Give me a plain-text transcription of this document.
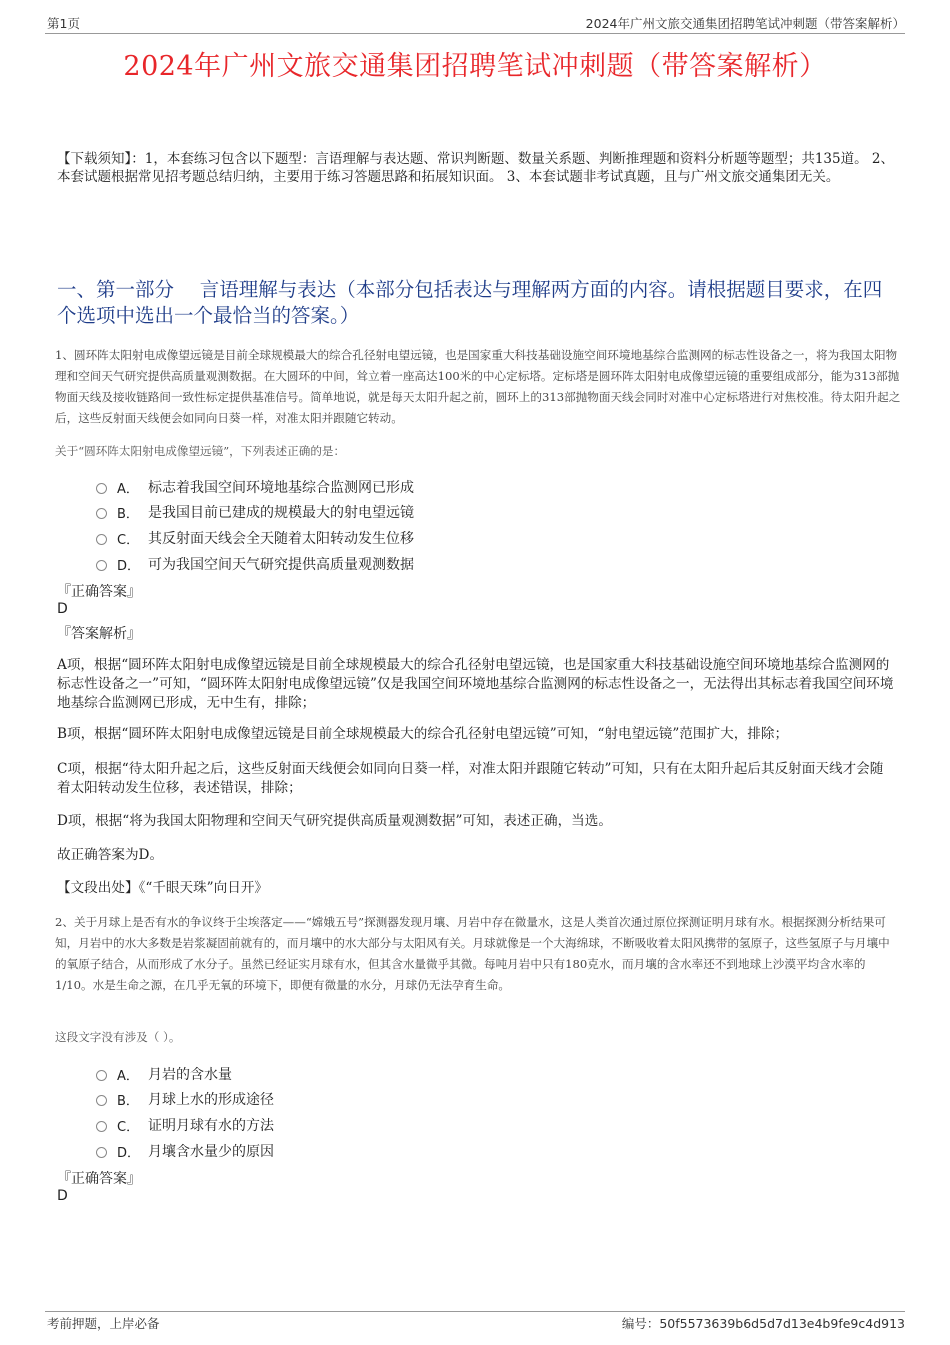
第1页	2024年广州文旅交通集团招聘笔试冲刺题（带答案解析）
2024年广州文旅交通集团招聘笔试冲刺题（带答案解析）
【下载须知】：1，本套练习包含以下题型：言语理解与表达题、常识判断题、数量关系题、判断推理题和资料分析题等题型；共135道。 2、本套试题根据常见招考题总结归纳，主要用于练习答题思路和拓展知识面。 3、本套试题非考试真题，且与广州文旅交通集团无关。
一、第一部分　 言语理解与表达（本部分包括表达与理解两方面的内容。请根据题目要求，在四个选项中选出一个最恰当的答案。）
1、圆环阵太阳射电成像望远镜是目前全球规模最大的综合孔径射电望远镜，也是国家重大科技基础设施空间环境地基综合监测网的标志性设备之一，将为我国太阳物理和空间天气研究提供高质量观测数据。在大圆环的中间，耸立着一座高达100米的中心定标塔。定标塔是圆环阵太阳射电成像望远镜的重要组成部分，能为313部抛物面天线及接收链路间一致性标定提供基准信号。简单地说，就是每天太阳升起之前，圆环上的313部抛物面天线会同时对准中心定标塔进行对焦校准。待太阳升起之后，这些反射面天线便会如同向日葵一样，对准太阳并跟随它转动。
关于“圆环阵太阳射电成像望远镜”，下列表述正确的是：
A． 标志着我国空间环境地基综合监测网已形成
B． 是我国目前已建成的规模最大的射电望远镜
C． 其反射面天线会全天随着太阳转动发生位移
D． 可为我国空间天气研究提供高质量观测数据
『正确答案』
D
『答案解析』
A项，根据“圆环阵太阳射电成像望远镜是目前全球规模最大的综合孔径射电望远镜，也是国家重大科技基础设施空间环境地基综合监测网的标志性设备之一”可知，“圆环阵太阳射电成像望远镜”仅是我国空间环境地基综合监测网的标志性设备之一，无法得出其标志着我国空间环境地基综合监测网已形成，无中生有，排除；
B项，根据“圆环阵太阳射电成像望远镜是目前全球规模最大的综合孔径射电望远镜”可知，“射电望远镜”范围扩大，排除；
C项，根据“待太阳升起之后，这些反射面天线便会如同向日葵一样，对准太阳并跟随它转动”可知，只有在太阳升起后其反射面天线才会随着太阳转动发生位移，表述错误，排除；
D项，根据“将为我国太阳物理和空间天气研究提供高质量观测数据”可知，表述正确，当选。
故正确答案为D。
【文段出处】《“千眼天珠”向日开》
2、关于月球上是否有水的争议终于尘埃落定——“嫦娥五号”探测器发现月壤、月岩中存在微量水，这是人类首次通过原位探测证明月球有水。根据探测分析结果可知，月岩中的水大多数是岩浆凝固前就有的，而月壤中的水大部分与太阳风有关。月球就像是一个大海绵球，不断吸收着太阳风携带的氢原子，这些氢原子与月壤中的氧原子结合，从而形成了水分子。虽然已经证实月球有水，但其含水量微乎其微。每吨月岩中只有180克水，而月壤的含水率还不到地球上沙漠平均含水率的1/10。水是生命之源，在几乎无氧的环境下，即便有微量的水分，月球仍无法孕育生命。
这段文字没有涉及（ ）。
A． 月岩的含水量
B． 月球上水的形成途径
C． 证明月球有水的方法
D． 月壤含水量少的原因
『正确答案』
D
考前押题，上岸必备	编号：50f5573639b6d5d7d13e4b9fe9c4d913
